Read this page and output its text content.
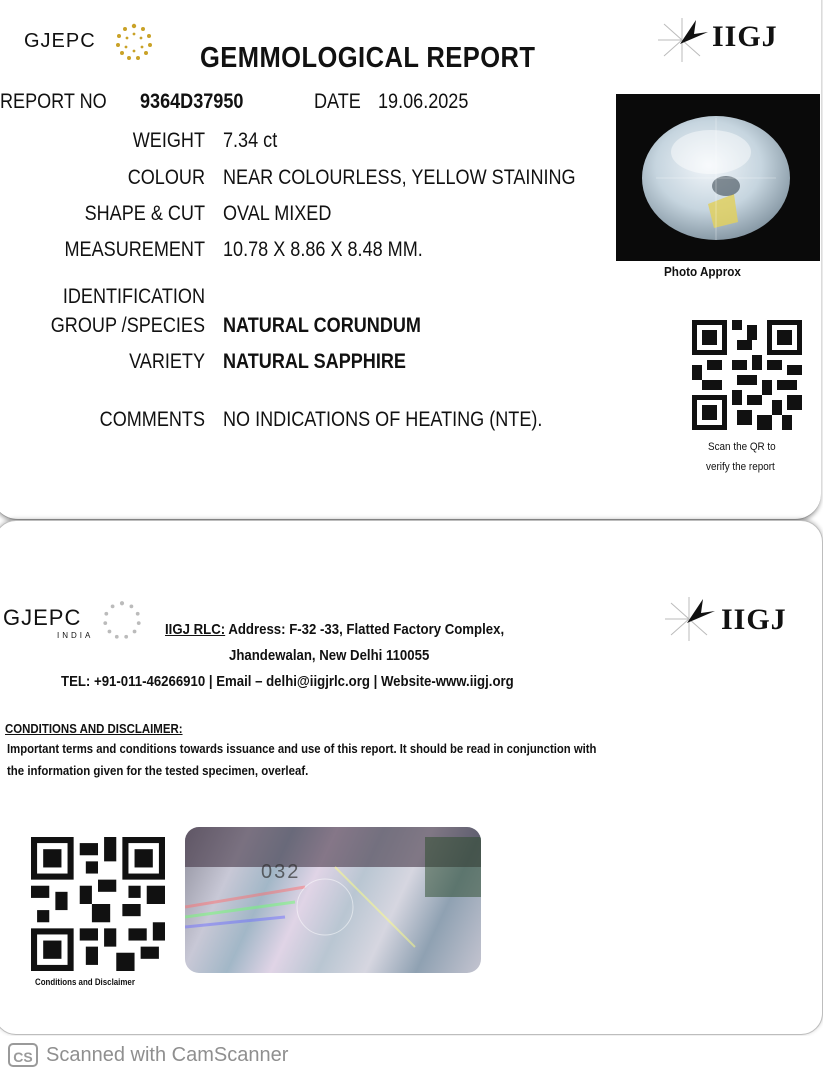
GJEPC	IIGJ
GEMMOLOGICAL REPORT
REPORT NO 9364D37950	DATE 19.06.2025
WEIGHT 7.34 ct
COLOUR NEAR COLOURLESS, YELLOW STAINING
SHAPE & CUT OVAL MIXED
MEASUREMENT 10.78 X 8.86 X 8.48 MM.
IDENTIFICATION
GROUP /SPECIES NATURAL CORUNDUM
VARIETY NATURAL SAPPHIRE
COMMENTS NO INDICATIONS OF HEATING (NTE).
Photo Approx
Scan the QR to
verify the report
GJEPC
INDIA	IIGJ
IIGJ RLC: Address: F-32 -33, Flatted Factory Complex,
Jhandewalan, New Delhi 110055
TEL: +91-011-46266910 | Email – delhi@iigjrlc.org | Website-www.iigj.org
CONDITIONS AND DISCLAIMER:
Important terms and conditions towards issuance and use of this report. It should be read in conjunction with
the information given for the tested specimen, overleaf.
Conditions and Disclaimer
032
CS Scanned with CamScanner
